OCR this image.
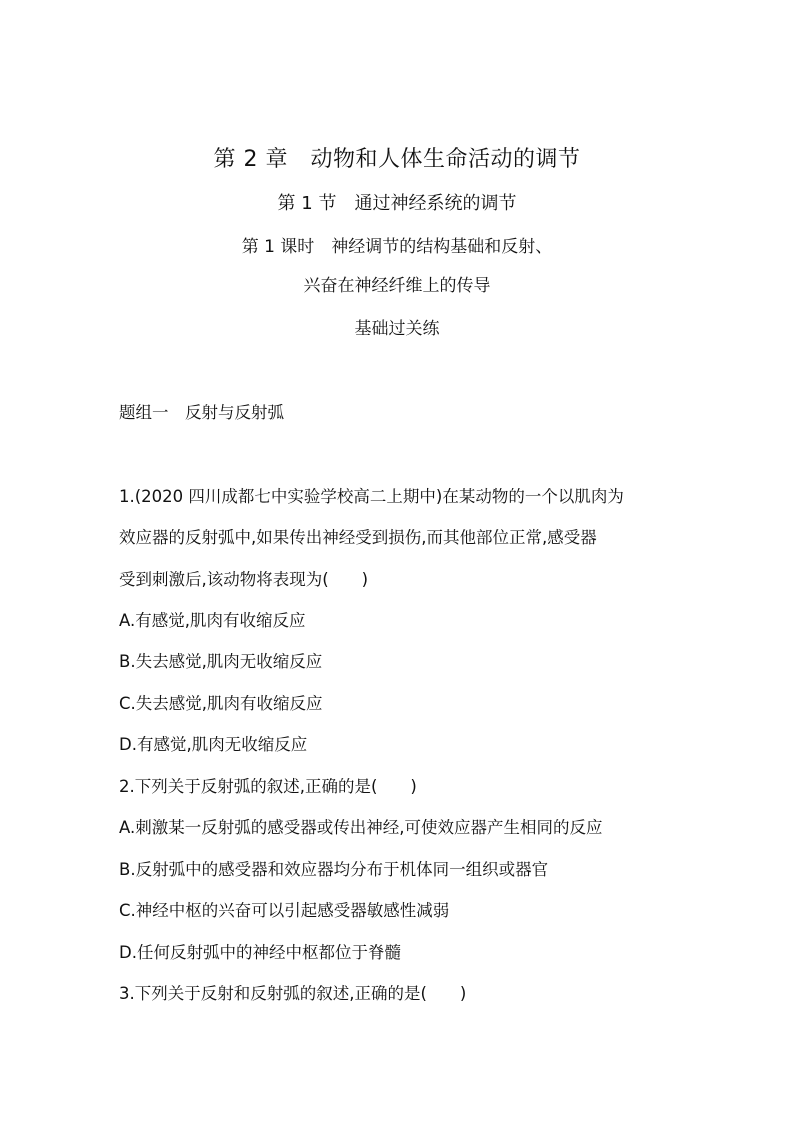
第 2 章　动物和人体生命活动的调节
第 1 节　通过神经系统的调节
第 1 课时　神经调节的结构基础和反射、
兴奋在神经纤维上的传导
基础过关练
题组一　反射与反射弧
1.(2020 四川成都七中实验学校高二上期中)在某动物的一个以肌肉为
效应器的反射弧中,如果传出神经受到损伤,而其他部位正常,感受器
受到刺激后,该动物将表现为(　　)
A.有感觉,肌肉有收缩反应
B.失去感觉,肌肉无收缩反应
C.失去感觉,肌肉有收缩反应
D.有感觉,肌肉无收缩反应
2.下列关于反射弧的叙述,正确的是(　　)
A.刺激某一反射弧的感受器或传出神经,可使效应器产生相同的反应
B.反射弧中的感受器和效应器均分布于机体同一组织或器官
C.神经中枢的兴奋可以引起感受器敏感性减弱
D.任何反射弧中的神经中枢都位于脊髓
3.下列关于反射和反射弧的叙述,正确的是(　　)
